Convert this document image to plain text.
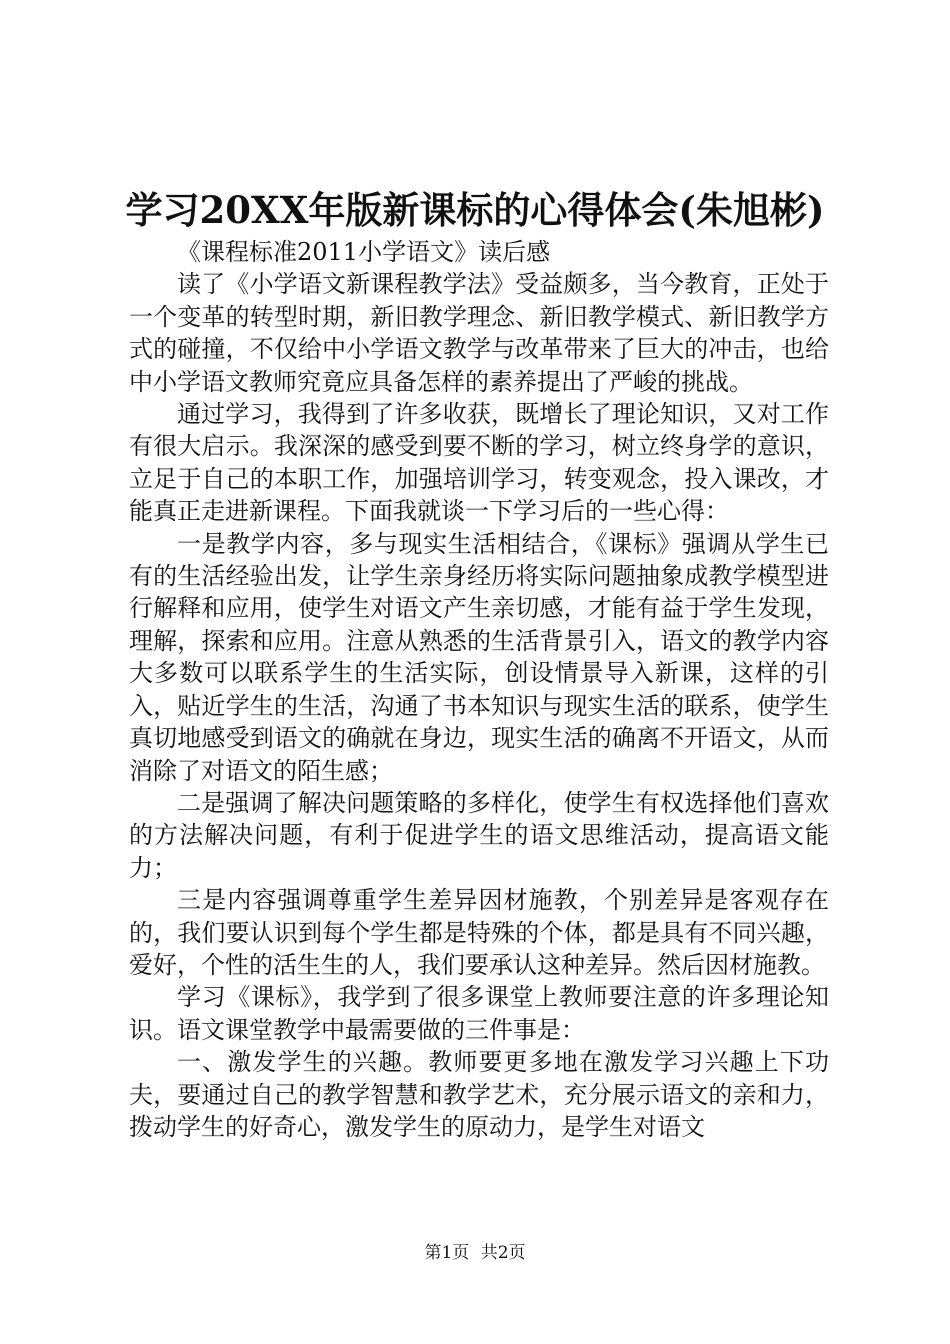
学习20XX年版新课标的心得体会(朱旭彬)

《课程标准2011小学语文》读后感

读了《小学语文新课程教学法》受益颇多，当今教育，正处于一个变革的转型时期，新旧教学理念、新旧教学模式、新旧教学方式的碰撞，不仅给中小学语文教学与改革带来了巨大的冲击，也给中小学语文教师究竟应具备怎样的素养提出了严峻的挑战。

通过学习，我得到了许多收获，既增长了理论知识，又对工作有很大启示。我深深的感受到要不断的学习，树立终身学的意识，立足于自己的本职工作，加强培训学习，转变观念，投入课改，才能真正走进新课程。下面我就谈一下学习后的一些心得：

一是教学内容，多与现实生活相结合，《课标》强调从学生已有的生活经验出发，让学生亲身经历将实际问题抽象成教学模型进行解释和应用，使学生对语文产生亲切感，才能有益于学生发现，理解，探索和应用。注意从熟悉的生活背景引入，语文的教学内容大多数可以联系学生的生活实际，创设情景导入新课，这样的引入，贴近学生的生活，沟通了书本知识与现实生活的联系，使学生真切地感受到语文的确就在身边，现实生活的确离不开语文，从而消除了对语文的陌生感；

二是强调了解决问题策略的多样化，使学生有权选择他们喜欢的方法解决问题，有利于促进学生的语文思维活动，提高语文能力；

三是内容强调尊重学生差异因材施教，个别差异是客观存在的，我们要认识到每个学生都是特殊的个体，都是具有不同兴趣，爱好，个性的活生生的人，我们要承认这种差异。然后因材施教。

学习《课标》，我学到了很多课堂上教师要注意的许多理论知识。语文课堂教学中最需要做的三件事是：

一、激发学生的兴趣。教师要更多地在激发学习兴趣上下功夫，要通过自己的教学智慧和教学艺术，充分展示语文的亲和力，拨动学生的好奇心，激发学生的原动力，是学生对语文

第1页 共2页
